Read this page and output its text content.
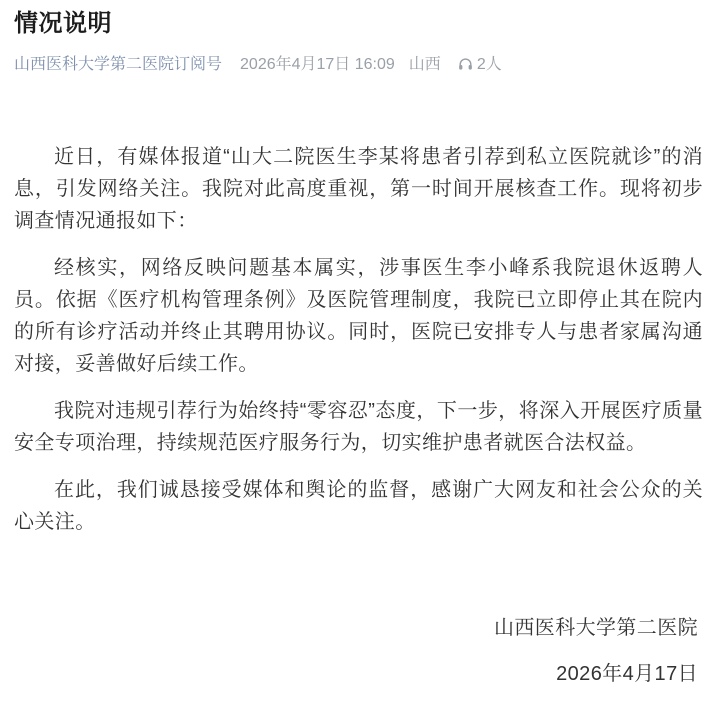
情况说明
山西医科大学第二医院订阅号 2026年4月17日 16:09 山西 2人

近日，有媒体报道“山大二院医生李某将患者引荐到私立医院就诊”的消息，引发网络关注。我院对此高度重视，第一时间开展核查工作。现将初步调查情况通报如下：

经核实，网络反映问题基本属实，涉事医生李小峰系我院退休返聘人员。依据《医疗机构管理条例》及医院管理制度，我院已立即停止其在院内的所有诊疗活动并终止其聘用协议。同时，医院已安排专人与患者家属沟通对接，妥善做好后续工作。

我院对违规引荐行为始终持“零容忍”态度，下一步，将深入开展医疗质量安全专项治理，持续规范医疗服务行为，切实维护患者就医合法权益。

在此，我们诚恳接受媒体和舆论的监督，感谢广大网友和社会公众的关心关注。

山西医科大学第二医院

2026年4月17日
